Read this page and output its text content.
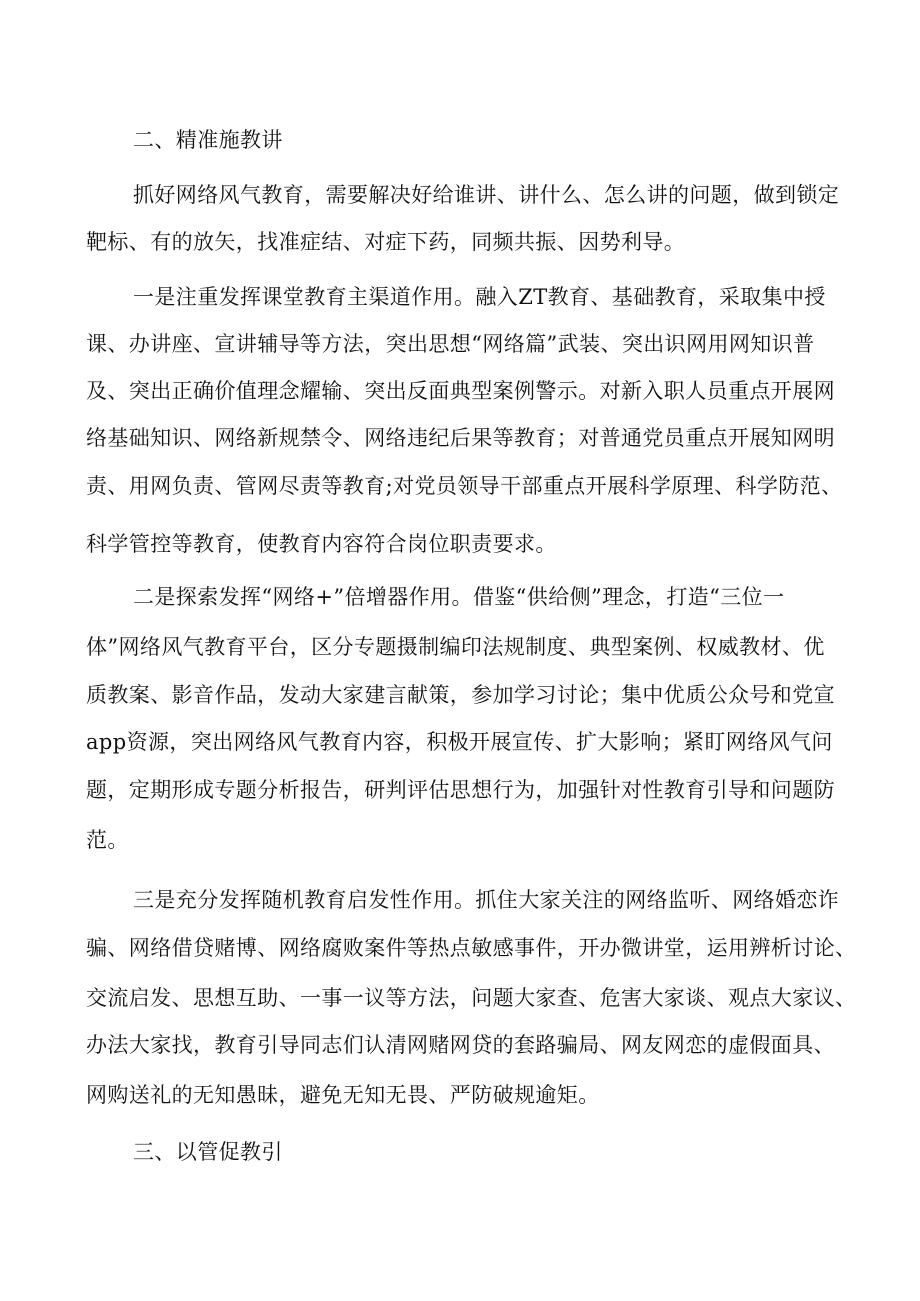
二、精准施教讲
抓好网络风气教育，需要解决好给谁讲、讲什么、怎么讲的问题，做到锁定
靶标、有的放矢，找准症结、对症下药，同频共振、因势利导。
一是注重发挥课堂教育主渠道作用。融入ZT教育、基础教育，采取集中授
课、办讲座、宣讲辅导等方法，突出思想“网络篇”武装、突出识网用网知识普
及、突出正确价值理念耀输、突出反面典型案例警示。对新入职人员重点开展网
络基础知识、网络新规禁令、网络违纪后果等教育；对普通党员重点开展知网明
责、用网负责、管网尽责等教育;对党员领导干部重点开展科学原理、科学防范、
科学管控等教育，使教育内容符合岗位职责要求。
二是探索发挥“网络+”倍增器作用。借鉴“供给侧”理念，打造“三位一
体”网络风气教育平台，区分专题摄制编印法规制度、典型案例、权威教材、优
质教案、影音作品，发动大家建言献策，参加学习讨论；集中优质公众号和党宣
app资源，突出网络风气教育内容，积极开展宣传、扩大影响；紧盯网络风气问
题，定期形成专题分析报告，研判评估思想行为，加强针对性教育引导和问题防
范。
三是充分发挥随机教育启发性作用。抓住大家关注的网络监听、网络婚恋诈
骗、网络借贷赌博、网络腐败案件等热点敏感事件，开办微讲堂，运用辨析讨论、
交流启发、思想互助、一事一议等方法，问题大家查、危害大家谈、观点大家议、
办法大家找，教育引导同志们认清网赌网贷的套路骗局、网友网恋的虚假面具、
网购送礼的无知愚昧，避免无知无畏、严防破规逾矩。
三、以管促教引
